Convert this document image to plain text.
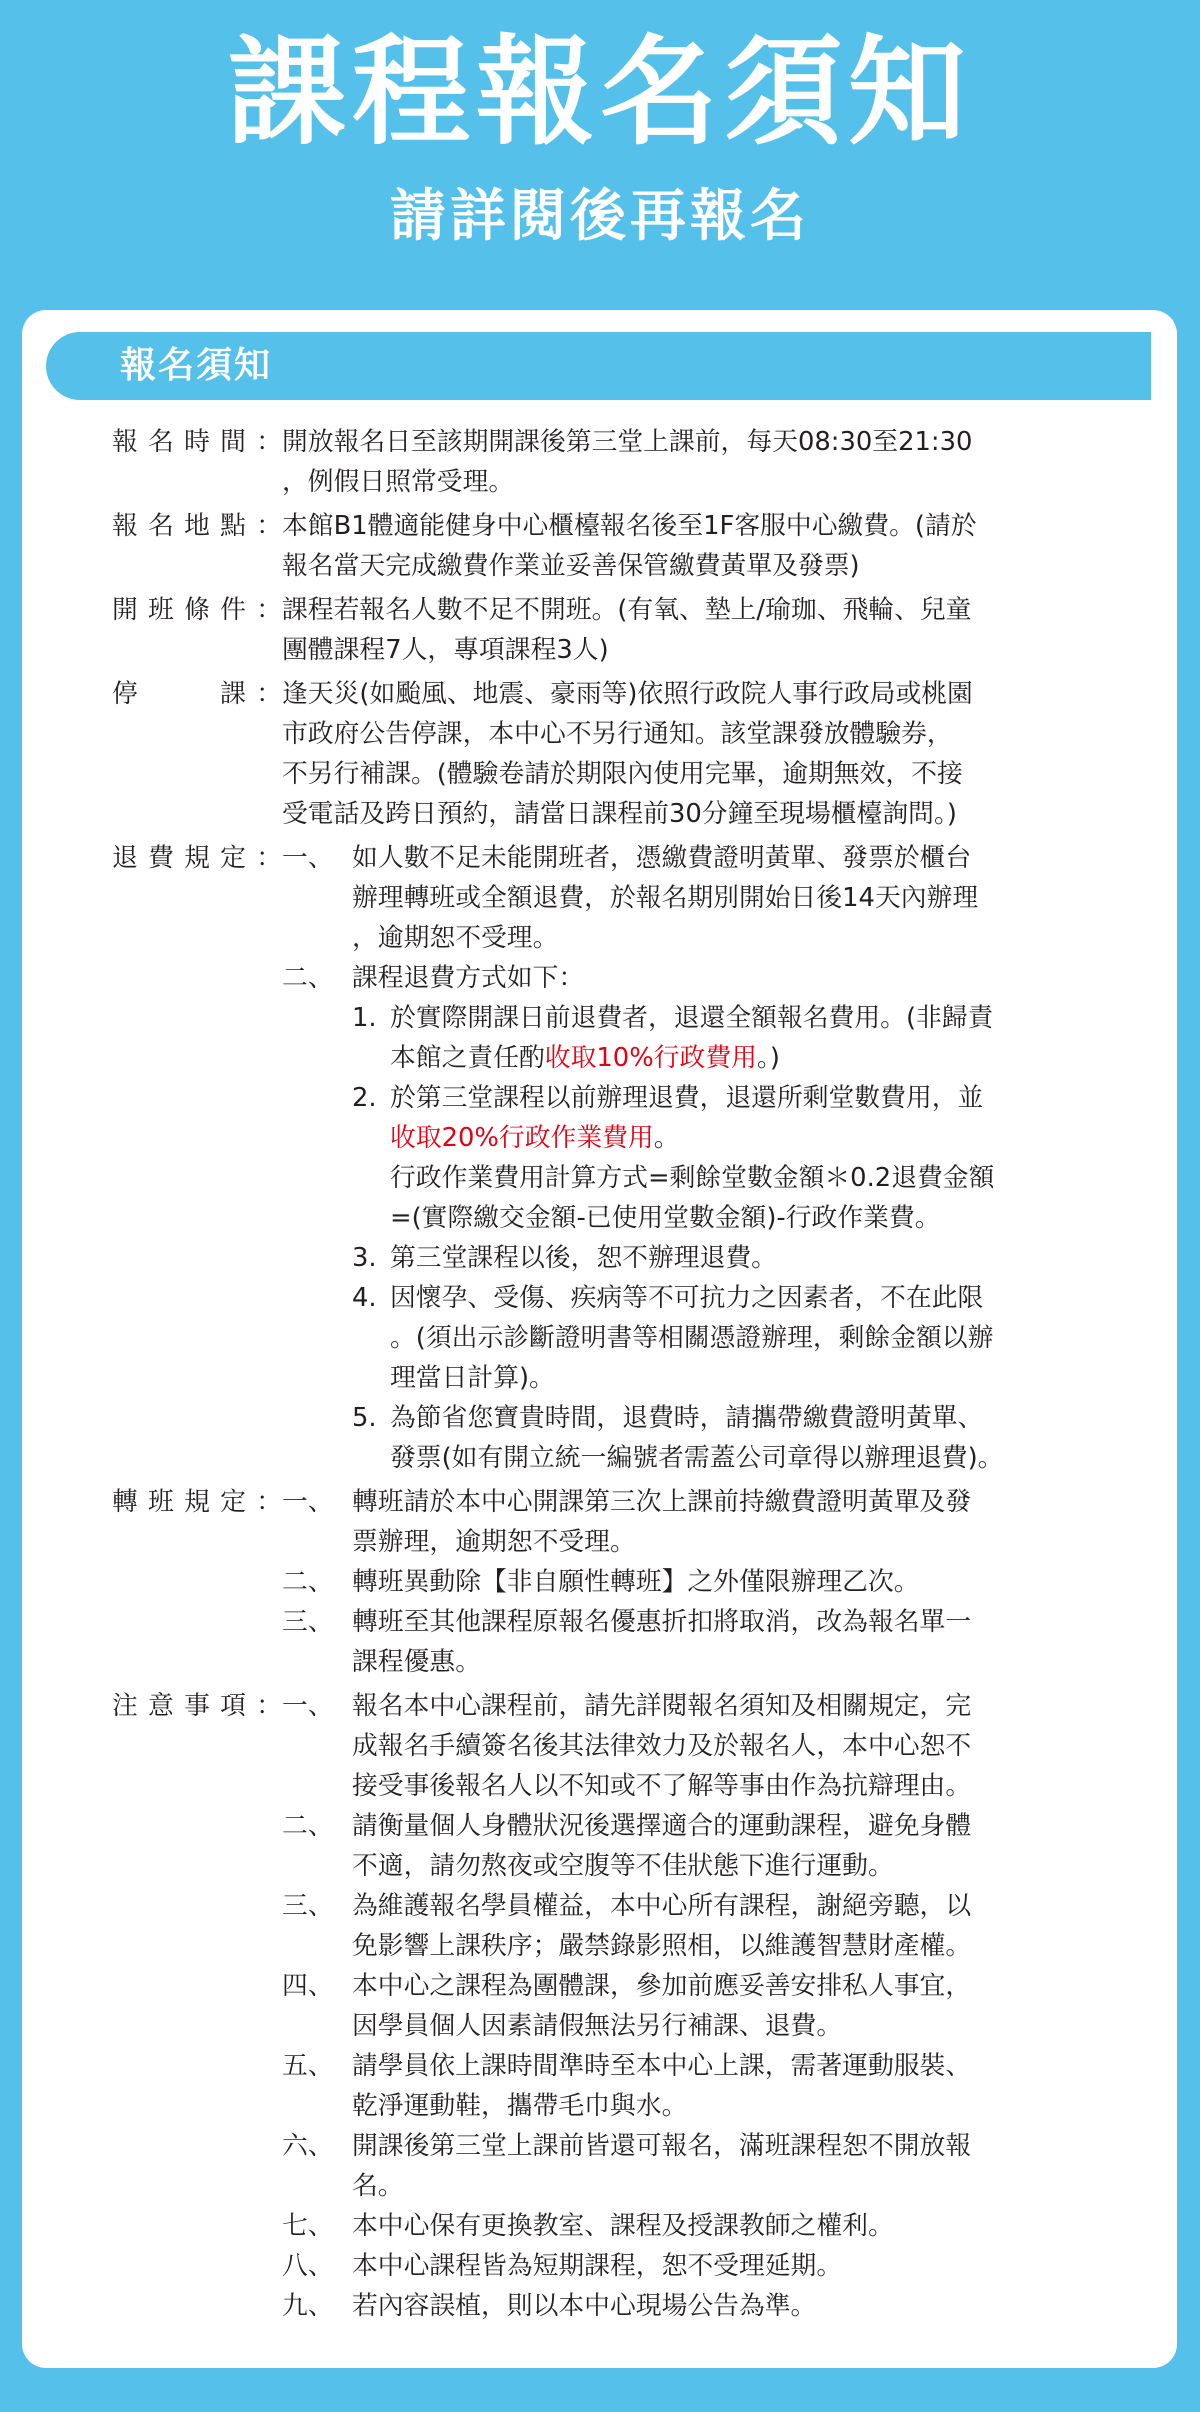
課程報名須知
請詳閱後再報名
報名須知
報名時間： 開放報名日至該期開課後第三堂上課前，每天08:30至21:30
，例假日照常受理。
報名地點： 本館B1體適能健身中心櫃檯報名後至1F客服中心繳費。(請於
報名當天完成繳費作業並妥善保管繳費黃單及發票)
開班條件： 課程若報名人數不足不開班。(有氧、墊上/瑜珈、飛輪、兒童
團體課程7人，專項課程3人)
停　　課： 逢天災(如颱風、地震、豪雨等)依照行政院人事行政局或桃園
市政府公告停課，本中心不另行通知。該堂課發放體驗券，
不另行補課。(體驗卷請於期限內使用完畢，逾期無效，不接
受電話及跨日預約，請當日課程前30分鐘至現場櫃檯詢問。)
退費規定： 一、 如人數不足未能開班者，憑繳費證明黃單、發票於櫃台
辦理轉班或全額退費，於報名期別開始日後14天內辦理
，逾期恕不受理。
二、 課程退費方式如下：
1. 於實際開課日前退費者，退還全額報名費用。(非歸責
本館之責任酌收取10%行政費用。)
2. 於第三堂課程以前辦理退費，退還所剩堂數費用，並
收取20%行政作業費用。
行政作業費用計算方式=剩餘堂數金額＊0.2退費金額
=(實際繳交金額-已使用堂數金額)-行政作業費。
3. 第三堂課程以後，恕不辦理退費。
4. 因懷孕、受傷、疾病等不可抗力之因素者，不在此限
。(須出示診斷證明書等相關憑證辦理，剩餘金額以辦
理當日計算)。
5. 為節省您寶貴時間，退費時，請攜帶繳費證明黃單、
發票(如有開立統一編號者需蓋公司章得以辦理退費)。
轉班規定： 一、 轉班請於本中心開課第三次上課前持繳費證明黃單及發
票辦理，逾期恕不受理。
二、 轉班異動除【非自願性轉班】之外僅限辦理乙次。
三、 轉班至其他課程原報名優惠折扣將取消，改為報名單一
課程優惠。
注意事項： 一、 報名本中心課程前，請先詳閱報名須知及相關規定，完
成報名手續簽名後其法律效力及於報名人，本中心恕不
接受事後報名人以不知或不了解等事由作為抗辯理由。
二、 請衡量個人身體狀況後選擇適合的運動課程，避免身體
不適，請勿熬夜或空腹等不佳狀態下進行運動。
三、 為維護報名學員權益，本中心所有課程，謝絕旁聽，以
免影響上課秩序；嚴禁錄影照相，以維護智慧財產權。
四、 本中心之課程為團體課，參加前應妥善安排私人事宜，
因學員個人因素請假無法另行補課、退費。
五、 請學員依上課時間準時至本中心上課，需著運動服裝、
乾淨運動鞋，攜帶毛巾與水。
六、 開課後第三堂上課前皆還可報名，滿班課程恕不開放報
名。
七、 本中心保有更換教室、課程及授課教師之權利。
八、 本中心課程皆為短期課程，恕不受理延期。
九、 若內容誤植，則以本中心現場公告為準。
